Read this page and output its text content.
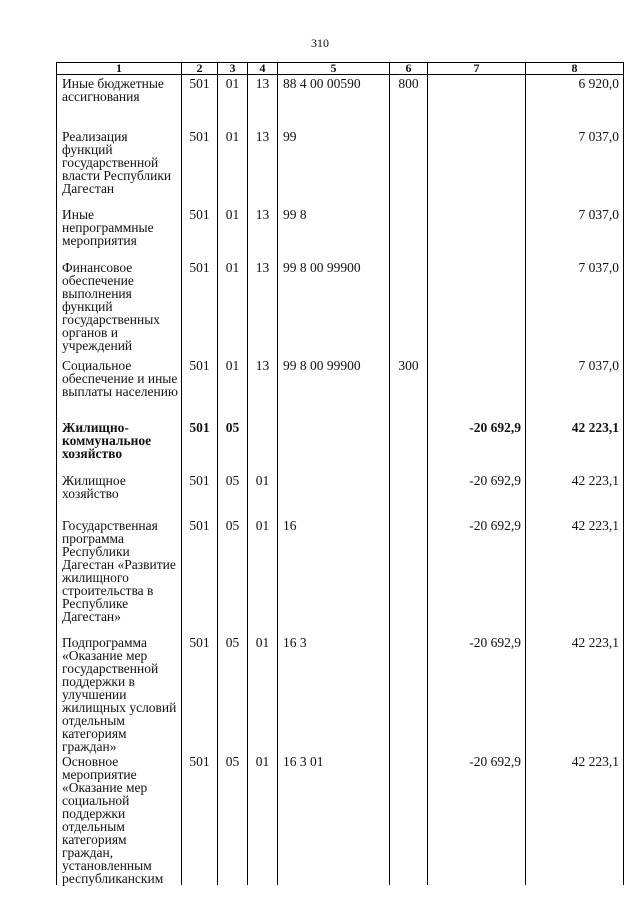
310
1	2	3	4	5	6	7	8
Иные бюджетные ассигнования	501	01	13	88 4 00 00590	800		6 920,0
Реализация функций государственной власти Республики Дагестан	501	01	13	99			7 037,0
Иные непрограммные мероприятия	501	01	13	99 8			7 037,0
Финансовое обеспечение выполнения функций государственных органов и учреждений	501	01	13	99 8 00 99900			7 037,0
Социальное обеспечение и иные выплаты населению	501	01	13	99 8 00 99900	300		7 037,0
Жилищно-коммунальное хозяйство	501	05				-20 692,9	42 223,1
Жилищное хозяйство	501	05	01			-20 692,9	42 223,1
Государственная программа Республики Дагестан «Развитие жилищного строительства в Республике Дагестан»	501	05	01	16		-20 692,9	42 223,1
Подпрограмма «Оказание мер государственной поддержки в улучшении жилищных условий отдельным категориям граждан»	501	05	01	16 3		-20 692,9	42 223,1
Основное мероприятие «Оказание мер социальной поддержки отдельным категориям граждан, установленным республиканским	501	05	01	16 3 01		-20 692,9	42 223,1
